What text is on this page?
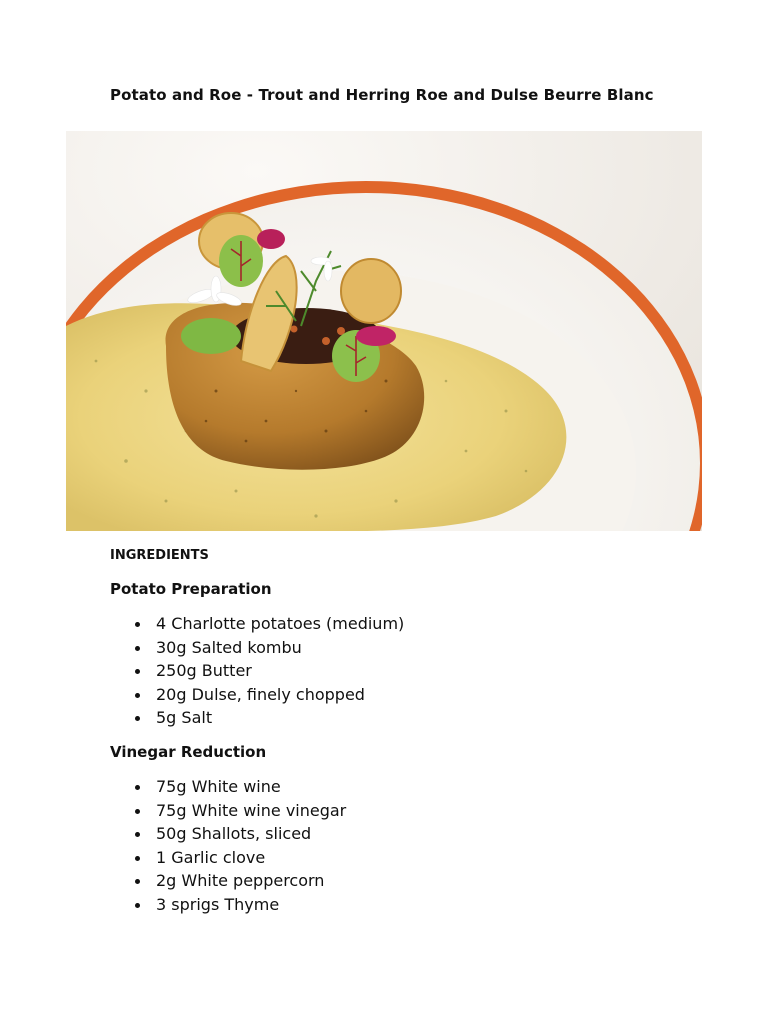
Potato and Roe - Trout and Herring Roe and Dulse Beurre Blanc
INGREDIENTS
Potato Preparation
4 Charlotte potatoes (medium)
30g Salted kombu
250g Butter
20g Dulse, finely chopped
5g Salt
Vinegar Reduction
75g White wine
75g White wine vinegar
50g Shallots, sliced
1 Garlic clove
2g White peppercorn
3 sprigs Thyme
